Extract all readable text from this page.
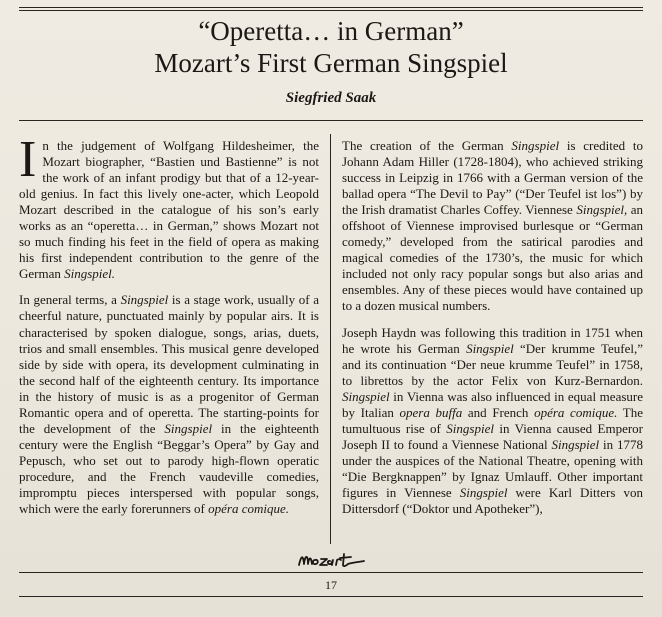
“Operetta… in German”
Mozart’s First German Singspiel
Siegfried Saak

In the judgement of Wolfgang Hildesheimer, the Mozart biographer, “Bastien und Bastienne” is not the work of an infant prodigy but that of a 12-year-old genius. In fact this lively one-acter, which Leopold Mozart described in the catalogue of his son’s early works as an “operetta… in German,” shows Mozart not so much finding his feet in the field of opera as making his first independent contribution to the genre of the German Singspiel.

In general terms, a Singspiel is a stage work, usually of a cheerful nature, punctuated mainly by popular airs. It is characterised by spoken dialogue, songs, arias, duets, trios and small ensembles. This musical genre developed side by side with opera, its development culminating in the second half of the eighteenth century. Its importance in the history of music is as a progenitor of German Romantic opera and of operetta. The starting-points for the development of the Singspiel in the eighteenth century were the English “Beggar’s Opera” by Gay and Pepusch, who set out to parody high-flown operatic procedure, and the French vaudeville comedies, impromptu pieces interspersed with popular songs, which were the early forerunners of opéra comique.

The creation of the German Singspiel is credited to Johann Adam Hiller (1728-1804), who achieved striking success in Leipzig in 1766 with a German version of the ballad opera “The Devil to Pay” (“Der Teufel ist los”) by the Irish dramatist Charles Coffey. Viennese Singspiel, an offshoot of Viennese improvised burlesque or “German comedy,” developed from the satirical parodies and magical comedies of the 1730’s, the music for which included not only racy popular songs but also arias and ensembles. Any of these pieces would have contained up to a dozen musical numbers.

Joseph Haydn was following this tradition in 1751 when he wrote his German Singspiel “Der krumme Teufel,” and its continuation “Der neue krumme Teufel” in 1758, to librettos by the actor Felix von Kurz-Bernardon. Singspiel in Vienna was also influenced in equal measure by Italian opera buffa and French opéra comique. The tumultuous rise of Singspiel in Vienna caused Emperor Joseph II to found a Viennese National Singspiel in 1778 under the auspices of the National Theatre, opening with “Die Bergknappen” by Ignaz Umlauff. Other important figures in Viennese Singspiel were Karl Ditters von Dittersdorf (“Doktor und Apotheker”),

17
